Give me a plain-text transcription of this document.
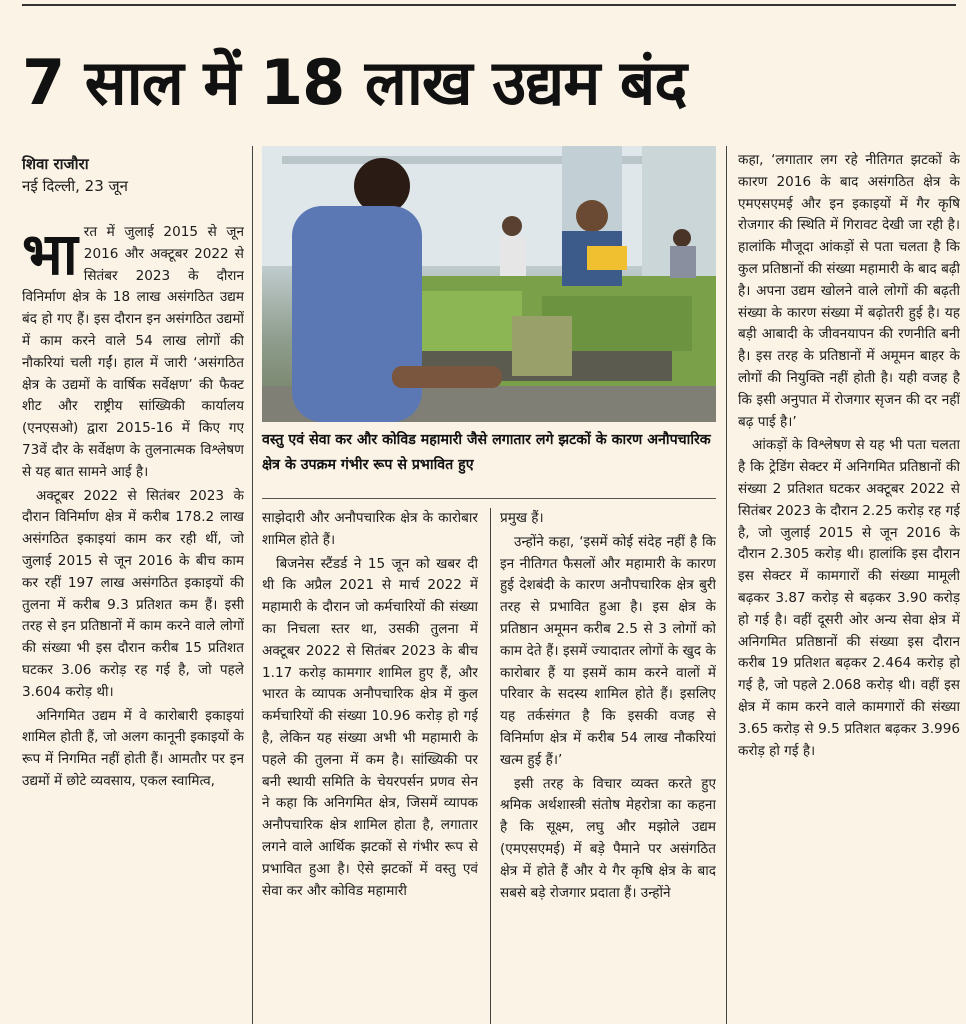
7 साल में 18 लाख उद्यम बंद
शिवा राजौरा
नई दिल्ली, 23 जून

भारत में जुलाई 2015 से जून 2016 और अक्टूबर 2022 से सितंबर 2023 के दौरान विनिर्माण क्षेत्र के 18 लाख असंगठित उद्यम बंद हो गए हैं। इस दौरान इन असंगठित उद्यमों में काम करने वाले 54 लाख लोगों की नौकरियां चली गईं। हाल में जारी ‘असंगठित क्षेत्र के उद्यमों के वार्षिक सर्वेक्षण’ की फैक्ट शीट और राष्ट्रीय सांख्यिकी कार्यालय (एनएसओ) द्वारा 2015-16 में किए गए 73वें दौर के सर्वेक्षण के तुलनात्मक विश्लेषण से यह बात सामने आई है।

अक्टूबर 2022 से सितंबर 2023 के दौरान विनिर्माण क्षेत्र में करीब 178.2 लाख असंगठित इकाइयां काम कर रही थीं, जो जुलाई 2015 से जून 2016 के बीच काम कर रहीं 197 लाख असंगठित इकाइयों की तुलना में करीब 9.3 प्रतिशत कम हैं। इसी तरह से इन प्रतिष्ठानों में काम करने वाले लोगों की संख्या भी इस दौरान करीब 15 प्रतिशत घटकर 3.06 करोड़ रह गई है, जो पहले 3.604 करोड़ थी।

अनिगमित उद्यम में वे कारोबारी इकाइयां शामिल होती हैं, जो अलग कानूनी इकाइयों के रूप में निगमित नहीं होती हैं। आमतौर पर इन उद्यमों में छोटे व्यवसाय, एकल स्वामित्व,

वस्तु एवं सेवा कर और कोविड महामारी जैसे लगातार लगे झटकों के कारण अनौपचारिक क्षेत्र के उपक्रम गंभीर रूप से प्रभावित हुए

साझेदारी और अनौपचारिक क्षेत्र के कारोबार शामिल होते हैं।

बिजनेस स्टैंडर्ड ने 15 जून को खबर दी थी कि अप्रैल 2021 से मार्च 2022 में महामारी के दौरान जो कर्मचारियों की संख्या का निचला स्तर था, उसकी तुलना में अक्टूबर 2022 से सितंबर 2023 के बीच 1.17 करोड़ कामगार शामिल हुए हैं, और भारत के व्यापक अनौपचारिक क्षेत्र में कुल कर्मचारियों की संख्या 10.96 करोड़ हो गई है, लेकिन यह संख्या अभी भी महामारी के पहले की तुलना में कम है। सांख्यिकी पर बनी स्थायी समिति के चेयरपर्सन प्रणव सेन ने कहा कि अनिगमित क्षेत्र, जिसमें व्यापक अनौपचारिक क्षेत्र शामिल होता है, लगातार लगने वाले आर्थिक झटकों से गंभीर रूप से प्रभावित हुआ है। ऐसे झटकों में वस्तु एवं सेवा कर और कोविड महामारी

प्रमुख हैं।

उन्होंने कहा, ‘इसमें कोई संदेह नहीं है कि इन नीतिगत फैसलों और महामारी के कारण हुई देशबंदी के कारण अनौपचारिक क्षेत्र बुरी तरह से प्रभावित हुआ है। इस क्षेत्र के प्रतिष्ठान अमूमन करीब 2.5 से 3 लोगों को काम देते हैं। इसमें ज्यादातर लोगों के खुद के कारोबार हैं या इसमें काम करने वालों में परिवार के सदस्य शामिल होते हैं। इसलिए यह तर्कसंगत है कि इसकी वजह से विनिर्माण क्षेत्र में करीब 54 लाख नौकरियां खत्म हुई हैं।’

इसी तरह के विचार व्यक्त करते हुए श्रमिक अर्थशास्त्री संतोष मेहरोत्रा का कहना है कि सूक्ष्म, लघु और मझोले उद्यम (एमएसएमई) में बड़े पैमाने पर असंगठित क्षेत्र में होते हैं और ये गैर कृषि क्षेत्र के बाद सबसे बड़े रोजगार प्रदाता हैं। उन्होंने

कहा, ‘लगातार लग रहे नीतिगत झटकों के कारण 2016 के बाद असंगठित क्षेत्र के एमएसएमई और इन इकाइयों में गैर कृषि रोजगार की स्थिति में गिरावट देखी जा रही है। हालांकि मौजूदा आंकड़ों से पता चलता है कि कुल प्रतिष्ठानों की संख्या महामारी के बाद बढ़ी है। अपना उद्यम खोलने वाले लोगों की बढ़ती संख्या के कारण संख्या में बढ़ोतरी हुई है। यह बड़ी आबादी के जीवनयापन की रणनीति बनी है। इस तरह के प्रतिष्ठानों में अमूमन बाहर के लोगों की नियुक्ति नहीं होती है। यही वजह है कि इसी अनुपात में रोजगार सृजन की दर नहीं बढ़ पाई है।’

आंकड़ों के विश्लेषण से यह भी पता चलता है कि ट्रेडिंग सेक्टर में अनिगमित प्रतिष्ठानों की संख्या 2 प्रतिशत घटकर अक्टूबर 2022 से सितंबर 2023 के दौरान 2.25 करोड़ रह गई है, जो जुलाई 2015 से जून 2016 के दौरान 2.305 करोड़ थी। हालांकि इस दौरान इस सेक्टर में कामगारों की संख्या मामूली बढ़कर 3.87 करोड़ से बढ़कर 3.90 करोड़ हो गई है। वहीं दूसरी ओर अन्य सेवा क्षेत्र में अनिगमित प्रतिष्ठानों की संख्या इस दौरान करीब 19 प्रतिशत बढ़कर 2.464 करोड़ हो गई है, जो पहले 2.068 करोड़ थी। वहीं इस क्षेत्र में काम करने वाले कामगारों की संख्या 3.65 करोड़ से 9.5 प्रतिशत बढ़कर 3.996 करोड़ हो गई है।
